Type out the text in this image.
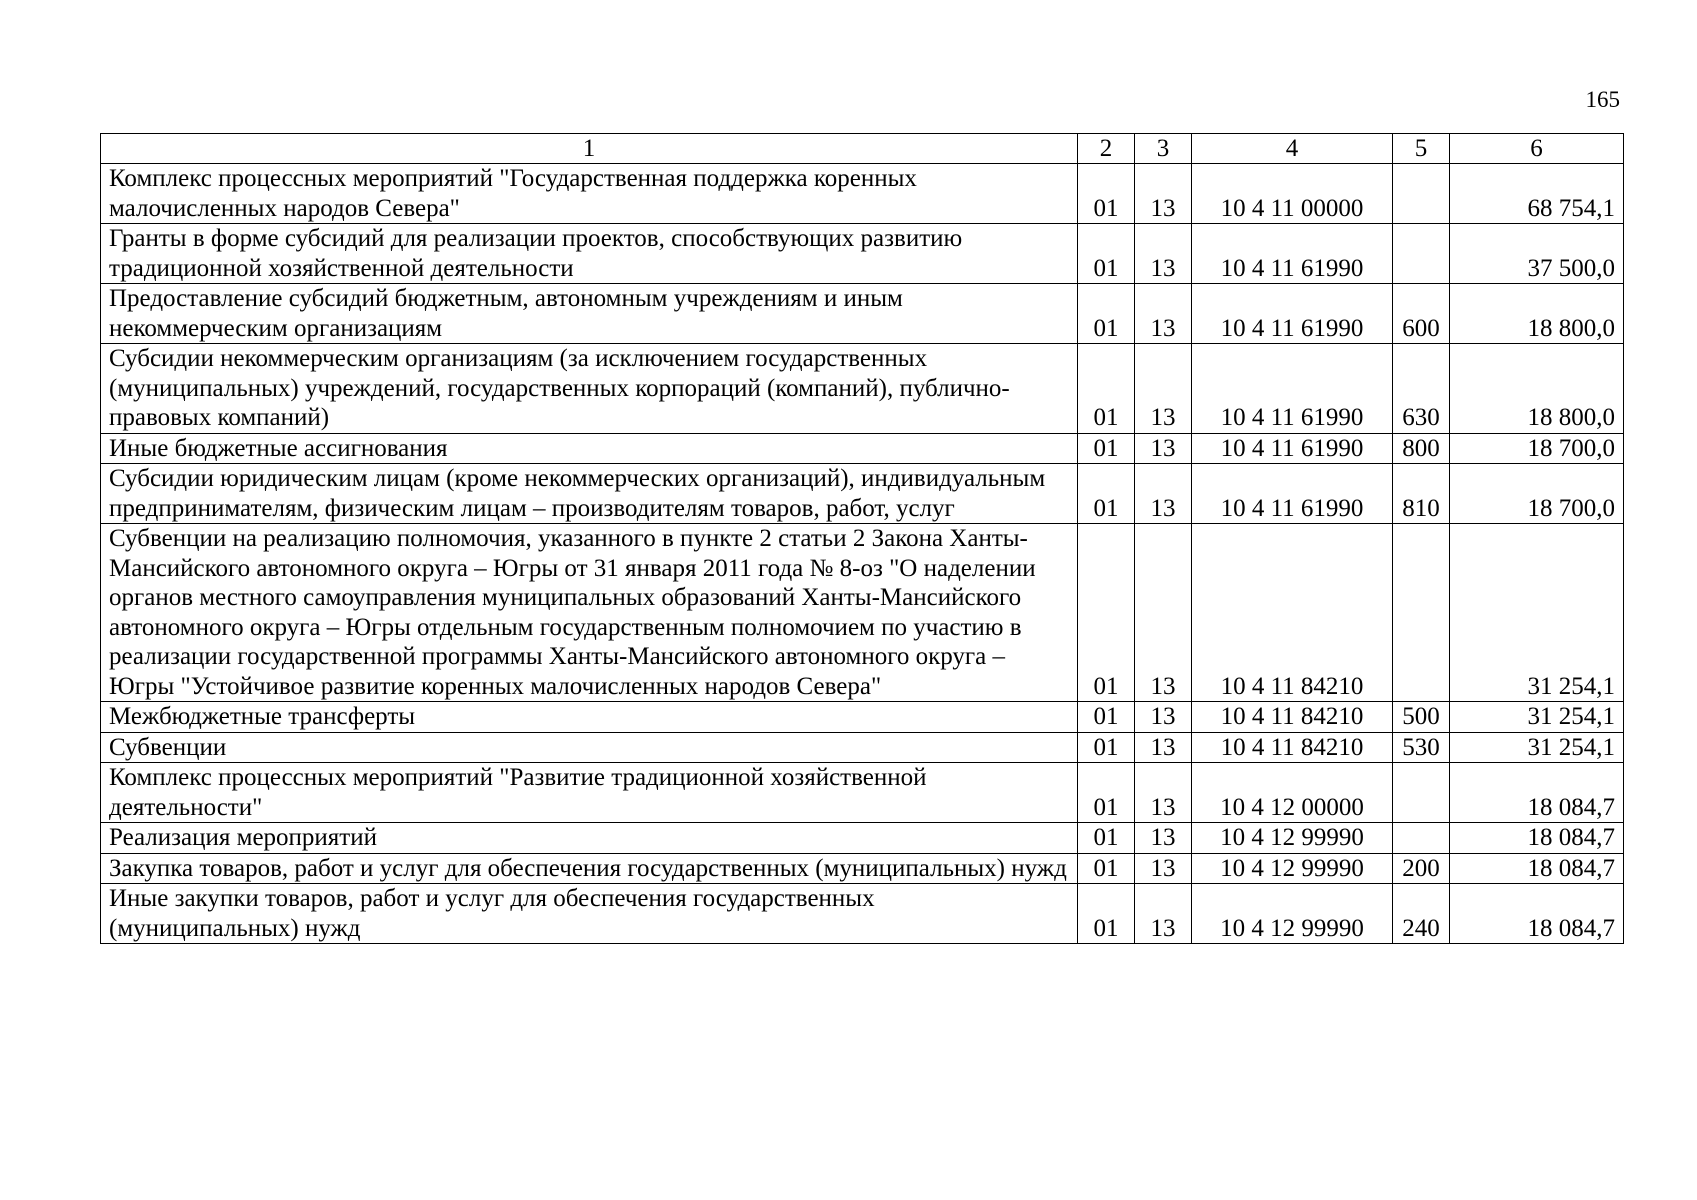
165
1	2	3	4	5	6
Комплекс процессных мероприятий "Государственная поддержка коренных малочисленных народов Севера"	01	13	10 4 11 00000		68 754,1
Гранты в форме субсидий для реализации проектов, способствующих развитию традиционной хозяйственной деятельности	01	13	10 4 11 61990		37 500,0
Предоставление субсидий бюджетным, автономным учреждениям и иным некоммерческим организациям	01	13	10 4 11 61990	600	18 800,0
Субсидии некоммерческим организациям (за исключением государственных (муниципальных) учреждений, государственных корпораций (компаний), публично-правовых компаний)	01	13	10 4 11 61990	630	18 800,0
Иные бюджетные ассигнования	01	13	10 4 11 61990	800	18 700,0
Субсидии юридическим лицам (кроме некоммерческих организаций), индивидуальным предпринимателям, физическим лицам – производителям товаров, работ, услуг	01	13	10 4 11 61990	810	18 700,0
Субвенции на реализацию полномочия, указанного в пункте 2 статьи 2 Закона Ханты-Мансийского автономного округа – Югры от 31 января 2011 года № 8-оз "О наделении органов местного самоуправления муниципальных образований Ханты-Мансийского автономного округа – Югры отдельным государственным полномочием по участию в реализации государственной программы Ханты-Мансийского автономного округа – Югры "Устойчивое развитие коренных малочисленных народов Севера"	01	13	10 4 11 84210		31 254,1
Межбюджетные трансферты	01	13	10 4 11 84210	500	31 254,1
Субвенции	01	13	10 4 11 84210	530	31 254,1
Комплекс процессных мероприятий "Развитие традиционной хозяйственной деятельности"	01	13	10 4 12 00000		18 084,7
Реализация мероприятий	01	13	10 4 12 99990		18 084,7
Закупка товаров, работ и услуг для обеспечения государственных (муниципальных) нужд	01	13	10 4 12 99990	200	18 084,7
Иные закупки товаров, работ и услуг для обеспечения государственных (муниципальных) нужд	01	13	10 4 12 99990	240	18 084,7
